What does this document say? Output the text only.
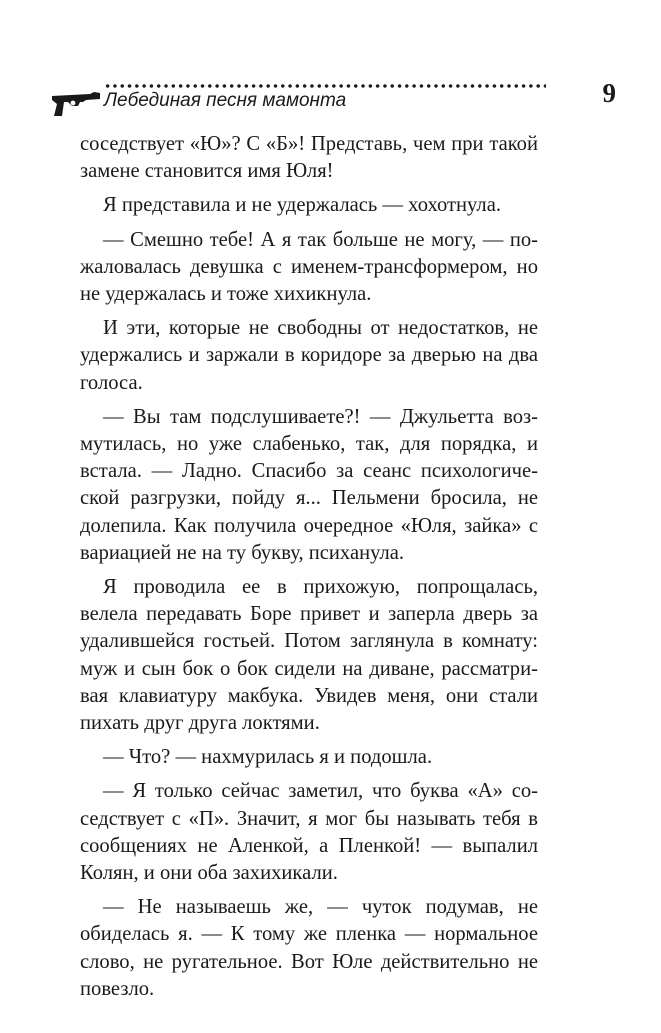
Лебединая песня мамонта	9

соседствует «Ю»? С «Б»! Представь, чем при такой замене становится имя Юля!

Я представила и не удержалась — хохотнула.

— Смешно тебе! А я так больше не могу, — пожаловалась девушка с именем-трансформером, но не удержалась и тоже хихикнула.

И эти, которые не свободны от недостатков, не удержались и заржали в коридоре за дверью на два голоса.

— Вы там подслушиваете?! — Джульетта возмутилась, но уже слабенько, так, для порядка, и встала. — Ладно. Спасибо за сеанс психологической разгрузки, пойду я... Пельмени бросила, не долепила. Как получила очередное «Юля, зайка» с вариацией не на ту букву, психанула.

Я проводила ее в прихожую, попрощалась, велела передавать Боре привет и заперла дверь за удалившейся гостьей. Потом заглянула в комнату: муж и сын бок о бок сидели на диване, рассматривая клавиатуру макбука. Увидев меня, они стали пихать друг друга локтями.

— Что? — нахмурилась я и подошла.

— Я только сейчас заметил, что буква «А» соседствует с «П». Значит, я мог бы называть тебя в сообщениях не Аленкой, а Пленкой! — выпалил Колян, и они оба захихикали.

— Не называешь же, — чуток подумав, не обиделась я. — К тому же пленка — нормальное слово, не ругательное. Вот Юле действительно не повезло.
